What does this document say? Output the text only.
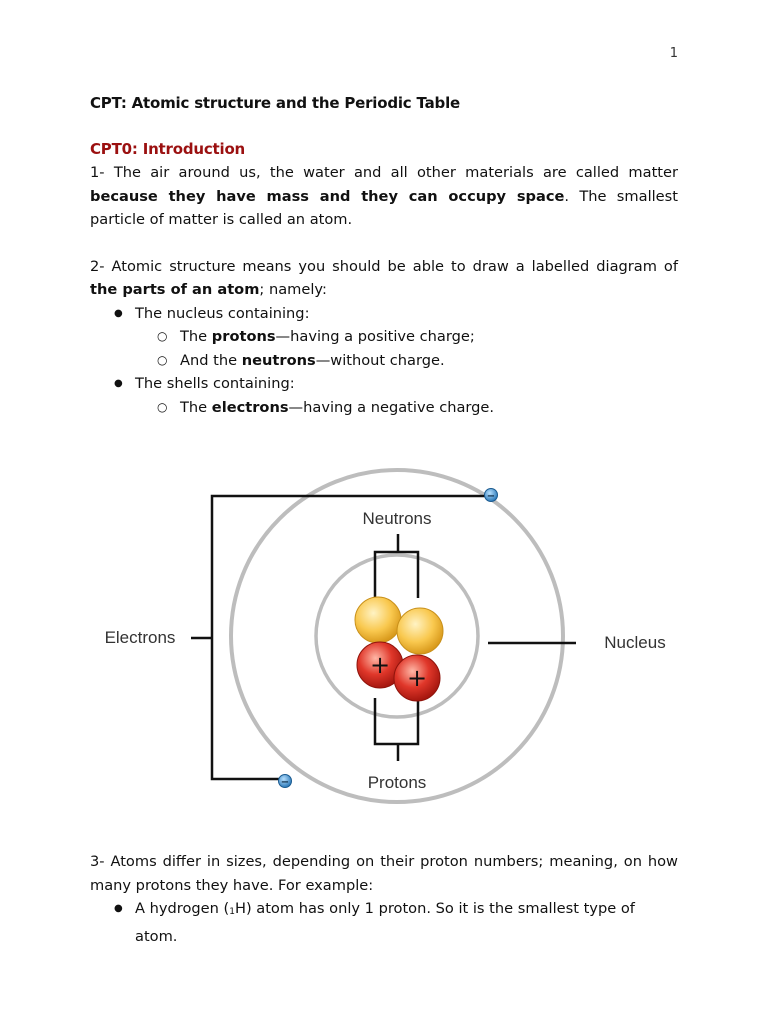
1

CPT: Atomic structure and the Periodic Table

CPT0: Introduction

1- The air around us, the water and all other materials are called matter because they have mass and they can occupy space. The smallest particle of matter is called an atom.

2- Atomic structure means you should be able to draw a labelled diagram of the parts of an atom; namely:

● The nucleus containing:
○ The protons—having a positive charge;
○ And the neutrons—without charge.
● The shells containing:
○ The electrons—having a negative charge.
+ +
−
−
Neutrons
Protons
Electrons	Nucleus

3- Atoms differ in sizes, depending on their proton numbers; meaning, on how many protons they have. For example:

● A hydrogen (1H) atom has only 1 proton. So it is the smallest type of atom.
